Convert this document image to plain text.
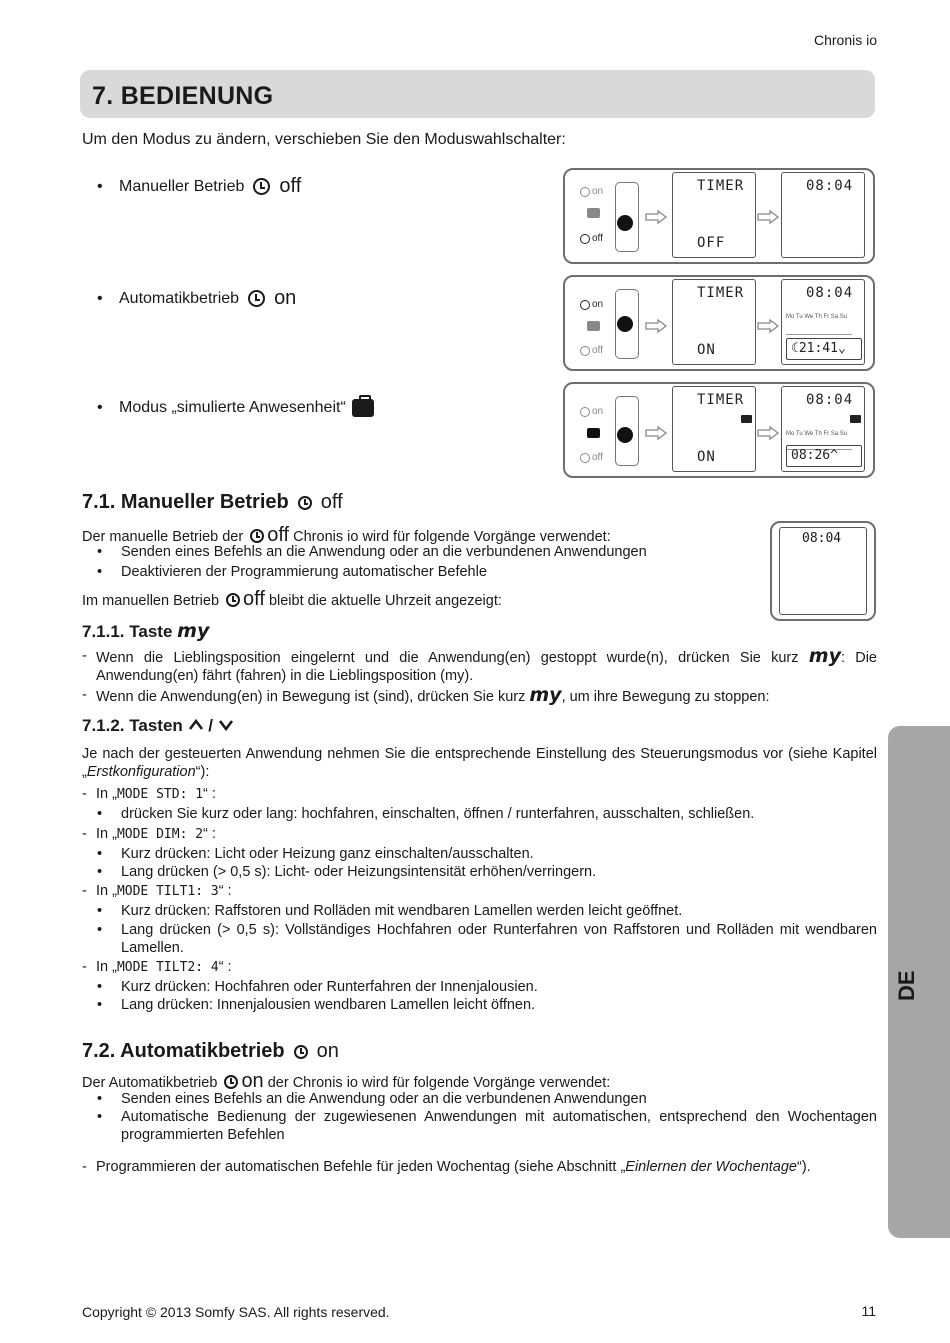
Chronis io
7. BEDIENUNG
Um den Modus zu ändern, verschieben Sie den Moduswahlschalter:
•	Manueller Betrieb off
•	Automatikbetrieb on
•	Modus „simulierte Anwesenheit“
on
off
TIMER
OFF
08:04
on
off
TIMER
ON
08:04
Mo Tu We Th Fr Sa Su
☾21:41⌄
on
off
TIMER
ON
08:04
Mo Tu We Th Fr Sa Su
08:26^
7.1. Manueller Betrieb off
Der manuelle Betrieb der off Chronis io wird für folgende Vorgänge verwendet:
• Senden eines Befehls an die Anwendung oder an die verbundenen Anwendungen
• Deaktivieren der Programmierung automatischer Befehle
Im manuellen Betrieb off bleibt die aktuelle Uhrzeit angezeigt:
08:04
7.1.1. Taste my
- Wenn die Lieblingsposition eingelernt und die Anwendung(en) gestoppt wurde(n), drücken Sie kurz my: Die Anwendung(en) fährt (fahren) in die Lieblingsposition (my).
- Wenn die Anwendung(en) in Bewegung ist (sind), drücken Sie kurz my, um ihre Bewegung zu stoppen:
7.1.2. Tasten /
Je nach der gesteuerten Anwendung nehmen Sie die entsprechende Einstellung des Steuerungsmodus vor (siehe Kapitel „Erstkonfiguration“):
- In „MODE STD: 1“ :
•	drücken Sie kurz oder lang: hochfahren, einschalten, öffnen / runterfahren, ausschalten, schließen.
- In „MODE DIM: 2“ :
•	Kurz drücken: Licht oder Heizung ganz einschalten/ausschalten.
•	Lang drücken (> 0,5 s): Licht- oder Heizungsintensität erhöhen/verringern.
- In „MODE TILT1: 3“ :
•	Kurz drücken: Raffstoren und Rolläden mit wendbaren Lamellen werden leicht geöffnet.
•	Lang drücken (> 0,5 s): Vollständiges Hochfahren oder Runterfahren von Raffstoren und Rolläden mit wendbaren Lamellen.
- In „MODE TILT2: 4“ :
•	Kurz drücken: Hochfahren oder Runterfahren der Innenjalousien.
•	Lang drücken: Innenjalousien wendbaren Lamellen leicht öffnen.
7.2. Automatikbetrieb on
Der Automatikbetrieb on der Chronis io wird für folgende Vorgänge verwendet:
•	Senden eines Befehls an die Anwendung oder an die verbundenen Anwendungen
•	Automatische Bedienung der zugewiesenen Anwendungen mit automatischen, entsprechend den Wochentagen programmierten Befehlen
- Programmieren der automatischen Befehle für jeden Wochentag (siehe Abschnitt „Einlernen der Wochentage“).
DE
Copyright © 2013 Somfy SAS. All rights reserved.	11
